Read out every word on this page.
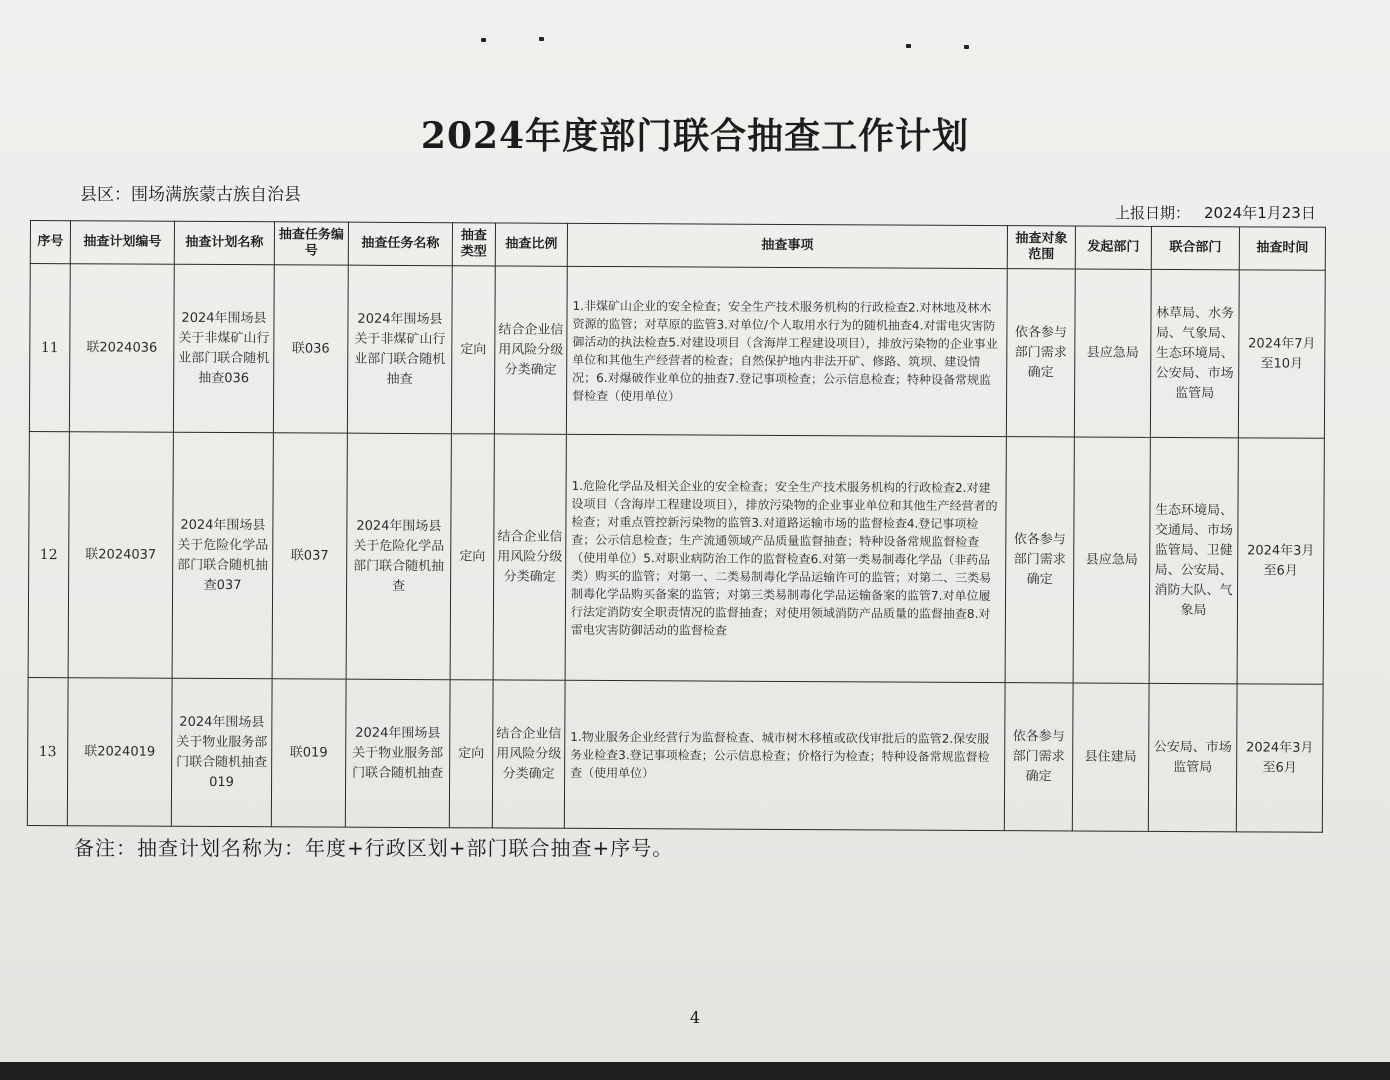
2024年度部门联合抽查工作计划
县区：围场满族蒙古族自治县
上报日期： 2024年1月23日
序号	抽查计划编号	抽查计划名称	抽查任务编号	抽查任务名称	抽查类型	抽查比例	抽查事项	抽查对象范围	发起部门	联合部门	抽查时间
11	联2024036	2024年围场县关于非煤矿山行业部门联合随机抽查036	联036	2024年围场县关于非煤矿山行业部门联合随机抽查	定向	结合企业信用风险分级分类确定	1.非煤矿山企业的安全检查；安全生产技术服务机构的行政检查2.对林地及林木资源的监管；对草原的监管3.对单位/个人取用水行为的随机抽查4.对雷电灾害防御活动的执法检查5.对建设项目（含海岸工程建设项目），排放污染物的企业事业单位和其他生产经营者的检查；自然保护地内非法开矿、修路、筑坝、建设情况；6.对爆破作业单位的抽查7.登记事项检查；公示信息检查；特种设备常规监督检查（使用单位）	依各参与部门需求确定	县应急局	林草局、水务局、气象局、生态环境局、公安局、市场监管局	2024年7月至10月
12	联2024037	2024年围场县关于危险化学品部门联合随机抽查037	联037	2024年围场县关于危险化学品部门联合随机抽查	定向	结合企业信用风险分级分类确定	1.危险化学品及相关企业的安全检查；安全生产技术服务机构的行政检查2.对建设项目（含海岸工程建设项目），排放污染物的企业事业单位和其他生产经营者的检查；对重点管控新污染物的监管3.对道路运输市场的监督检查4.登记事项检查；公示信息检查；生产流通领域产品质量监督抽查；特种设备常规监督检查（使用单位）5.对职业病防治工作的监督检查6.对第一类易制毒化学品（非药品类）购买的监管；对第一、二类易制毒化学品运输许可的监管；对第二、三类易制毒化学品购买备案的监管；对第三类易制毒化学品运输备案的监管7.对单位履行法定消防安全职责情况的监督抽查；对使用领域消防产品质量的监督抽查8.对雷电灾害防御活动的监督检查	依各参与部门需求确定	县应急局	生态环境局、交通局、市场监管局、卫健局、公安局、消防大队、气象局	2024年3月至6月
13	联2024019	2024年围场县关于物业服务部门联合随机抽查019	联019	2024年围场县关于物业服务部门联合随机抽查	定向	结合企业信用风险分级分类确定	1.物业服务企业经营行为监督检查、城市树木移植或砍伐审批后的监管2.保安服务业检查3.登记事项检查；公示信息检查；价格行为检查；特种设备常规监督检查（使用单位）	依各参与部门需求确定	县住建局	公安局、市场监管局	2024年3月至6月
备注：抽查计划名称为：年度+行政区划+部门联合抽查+序号。
4
